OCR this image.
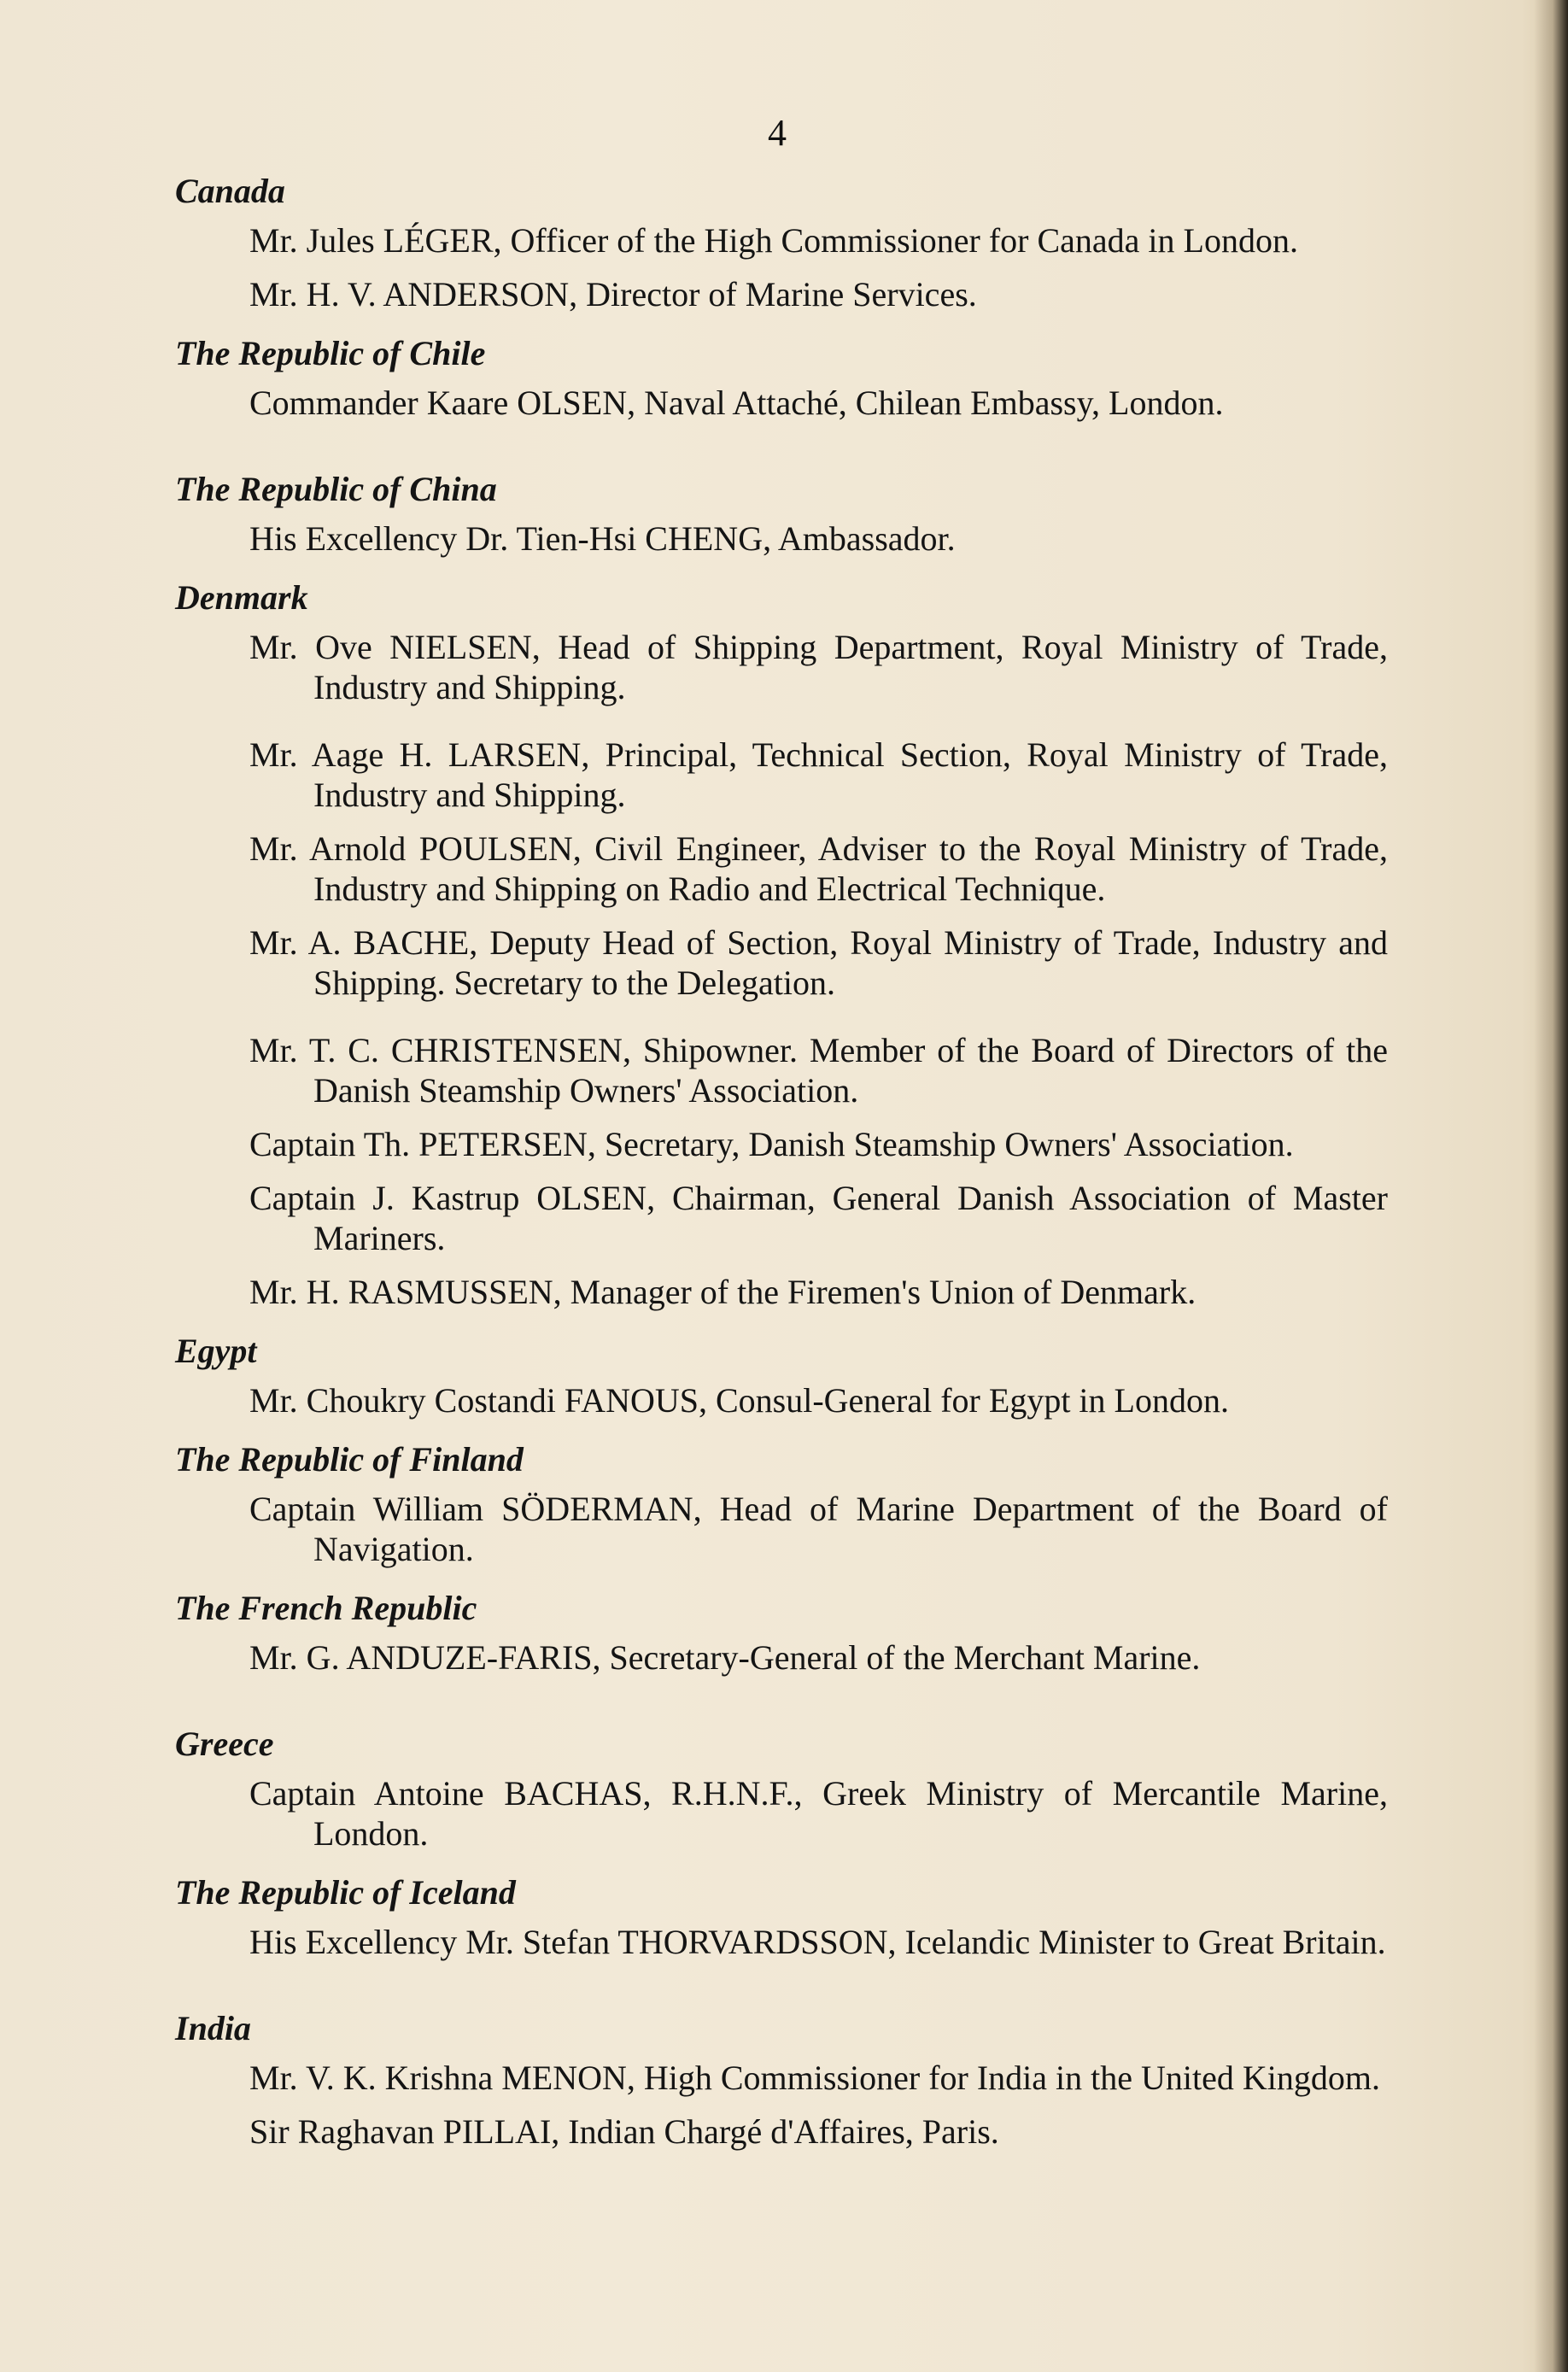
4
Canada
Mr. Jules LÉGER, Officer of the High Commissioner for Canada in London.
Mr. H. V. ANDERSON, Director of Marine Services.
The Republic of Chile
Commander Kaare OLSEN, Naval Attaché, Chilean Embassy, London.
The Republic of China
His Excellency Dr. Tien-Hsi CHENG, Ambassador.
Denmark
Mr. Ove NIELSEN, Head of Shipping Department, Royal Ministry of Trade, Industry and Shipping.
Mr. Aage H. LARSEN, Principal, Technical Section, Royal Ministry of Trade, Industry and Shipping.
Mr. Arnold POULSEN, Civil Engineer, Adviser to the Royal Ministry of Trade, Industry and Shipping on Radio and Electrical Technique.
Mr. A. BACHE, Deputy Head of Section, Royal Ministry of Trade, Industry and Shipping. Secretary to the Delegation.
Mr. T. C. CHRISTENSEN, Shipowner. Member of the Board of Directors of the Danish Steamship Owners' Association.
Captain Th. PETERSEN, Secretary, Danish Steamship Owners' Association.
Captain J. Kastrup OLSEN, Chairman, General Danish Association of Master Mariners.
Mr. H. RASMUSSEN, Manager of the Firemen's Union of Denmark.
Egypt
Mr. Choukry Costandi FANOUS, Consul-General for Egypt in London.
The Republic of Finland
Captain William SÖDERMAN, Head of Marine Department of the Board of Navigation.
The French Republic
Mr. G. ANDUZE-FARIS, Secretary-General of the Merchant Marine.
Greece
Captain Antoine BACHAS, R.H.N.F., Greek Ministry of Mercantile Marine, London.
The Republic of Iceland
His Excellency Mr. Stefan THORVARDSSON, Icelandic Minister to Great Britain.
India
Mr. V. K. Krishna MENON, High Commissioner for India in the United Kingdom.
Sir Raghavan PILLAI, Indian Chargé d'Affaires, Paris.
